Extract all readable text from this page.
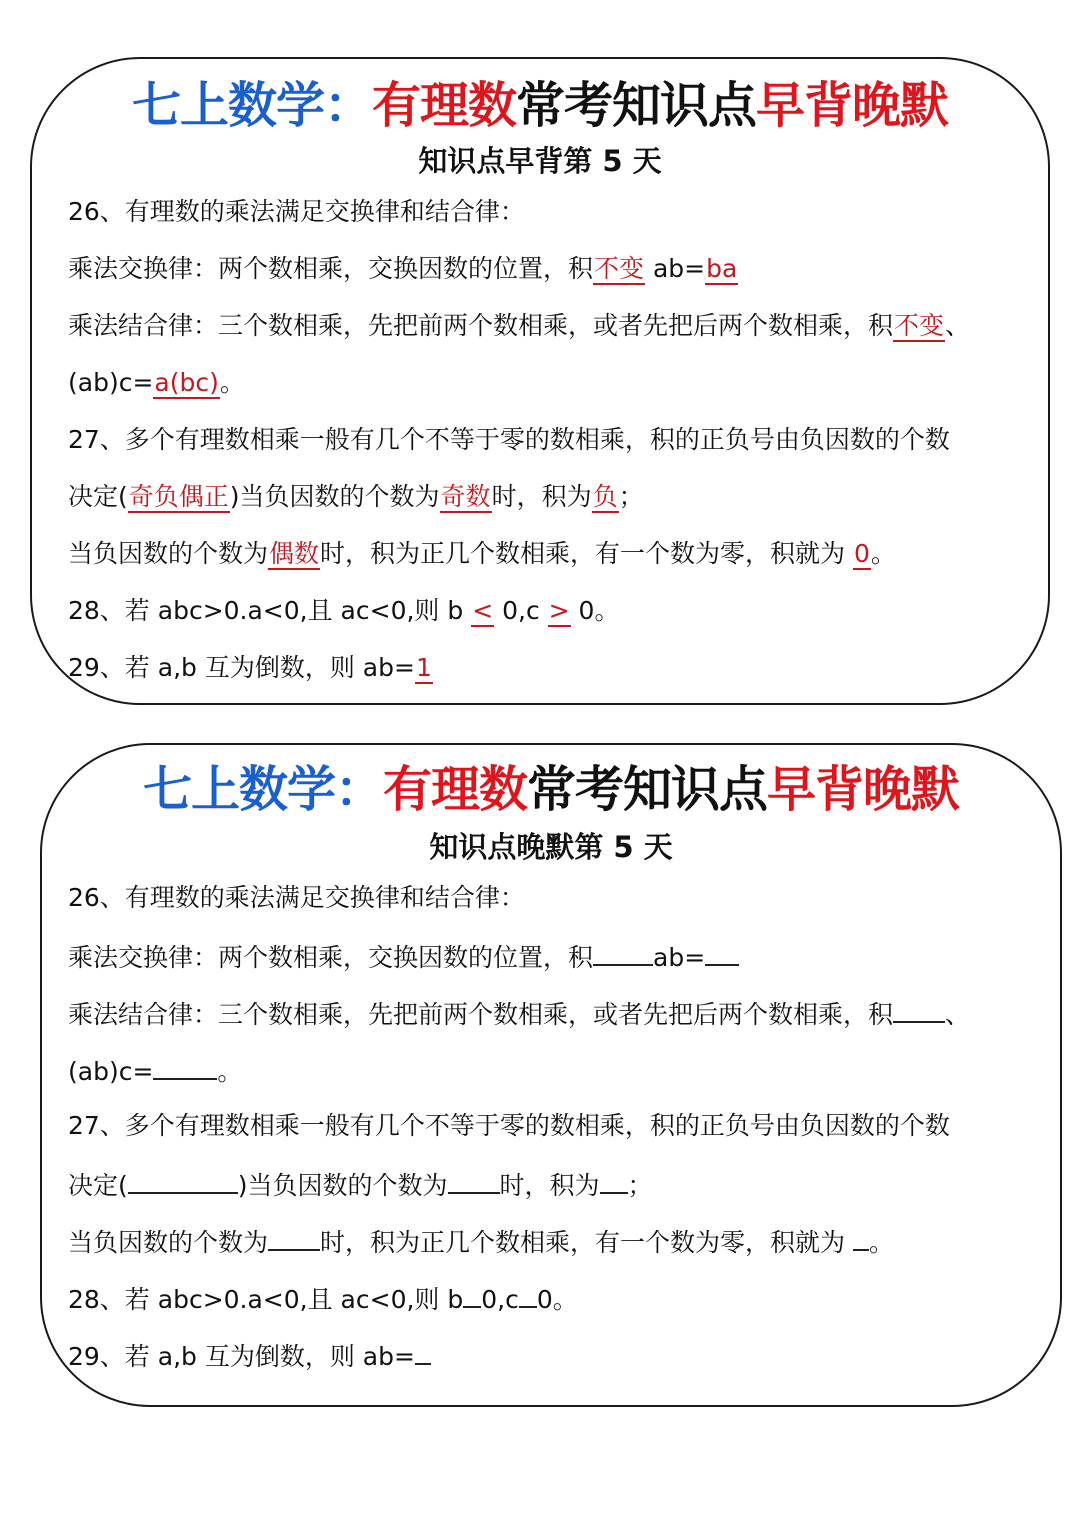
七上数学：有理数常考知识点早背晚默
知识点早背第 5 天
26、有理数的乘法满足交换律和结合律：
乘法交换律：两个数相乘，交换因数的位置，积不变 ab=ba
乘法结合律：三个数相乘，先把前两个数相乘，或者先把后两个数相乘，积不变、
(ab)c=a(bc)。
27、多个有理数相乘一般有几个不等于零的数相乘，积的正负号由负因数的个数
决定(奇负偶正)当负因数的个数为奇数时，积为负；
当负因数的个数为偶数时，积为正几个数相乘，有一个数为零，积就为 0。
28、若 abc>0.a<0,且 ac<0,则 b < 0,c > 0。
29、若 a,b 互为倒数，则 ab=1
七上数学：有理数常考知识点早背晚默
知识点晚默第 5 天
26、有理数的乘法满足交换律和结合律：
乘法交换律：两个数相乘，交换因数的位置，积 ab=
乘法结合律：三个数相乘，先把前两个数相乘，或者先把后两个数相乘，积 、
(ab)c=	。
27、多个有理数相乘一般有几个不等于零的数相乘，积的正负号由负因数的个数
决定(	)当负因数的个数为 时，积为 ；
当负因数的个数为 时，积为正几个数相乘，有一个数为零，积就为 。
28、若 abc>0.a<0,且 ac<0,则 b 0,c 0。
29、若 a,b 互为倒数，则 ab=
